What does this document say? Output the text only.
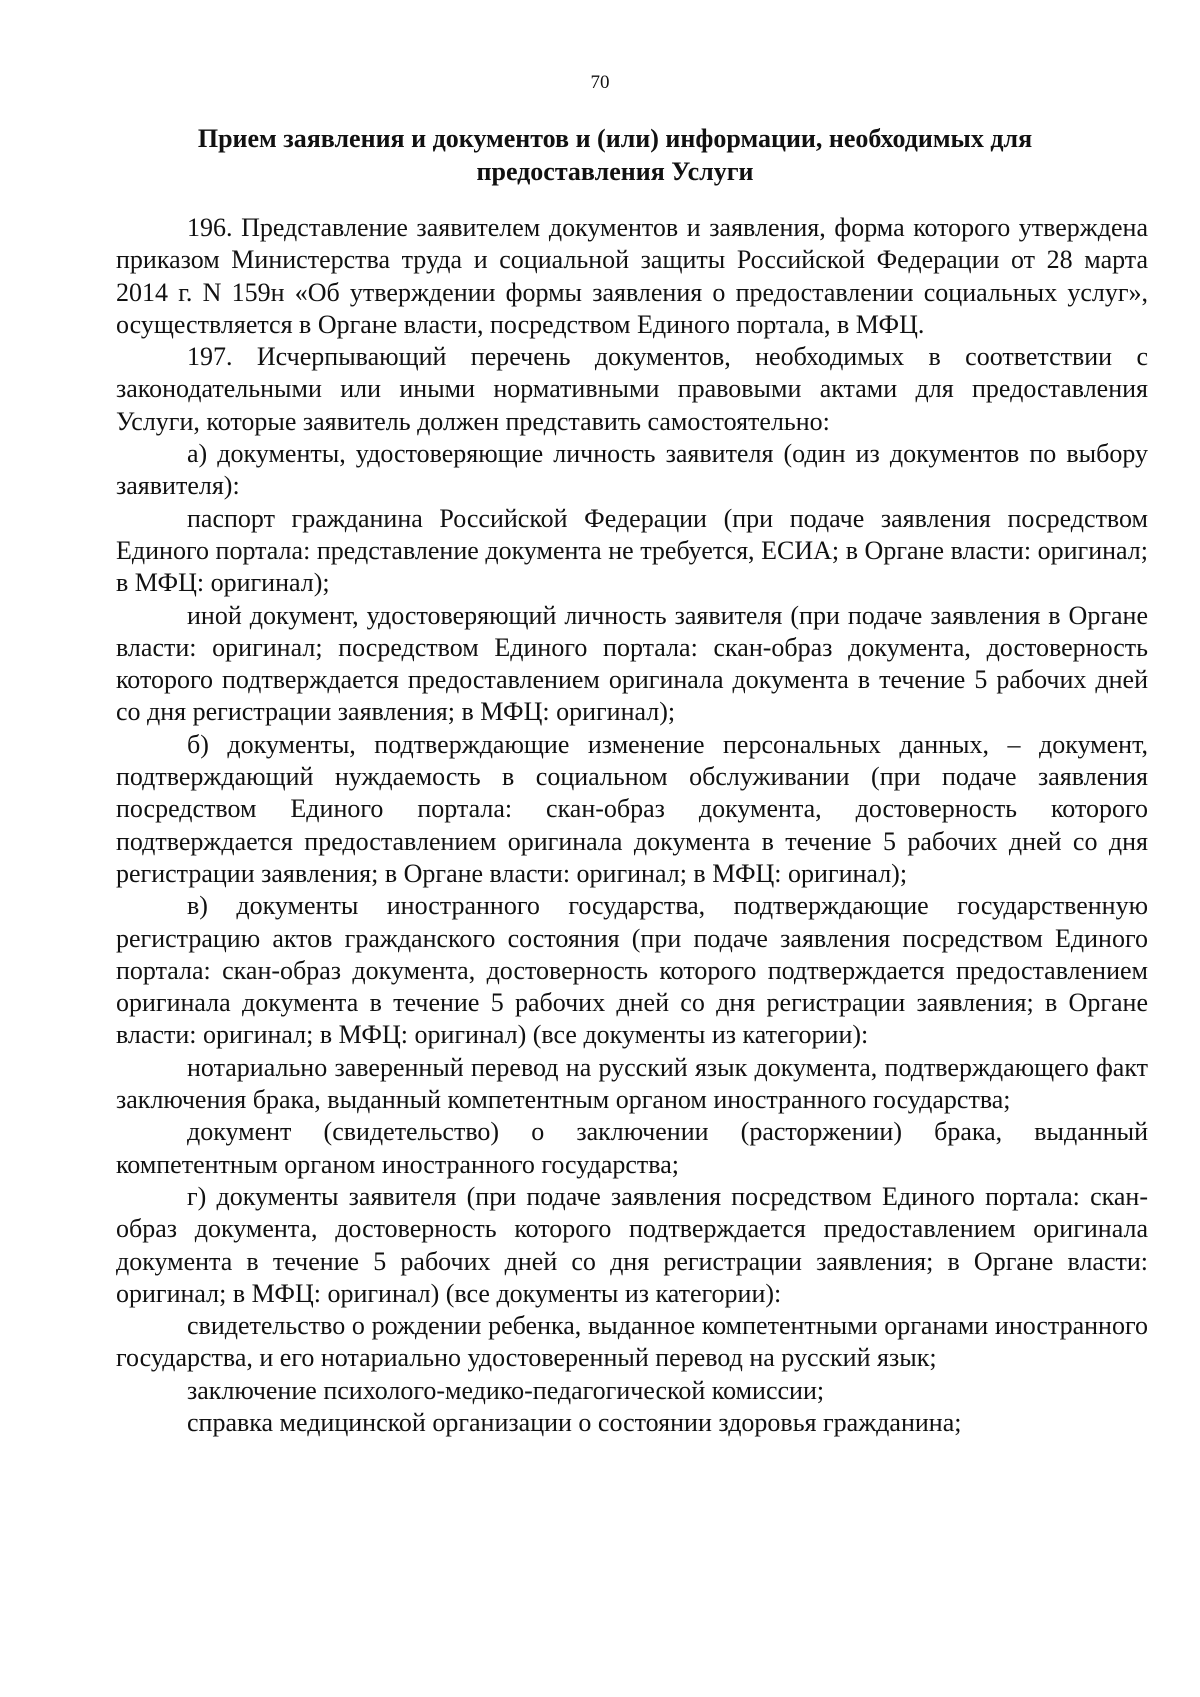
70
Прием заявления и документов и (или) информации, необходимых для предоставления Услуги

196. Представление заявителем документов и заявления, форма которого утверждена приказом Министерства труда и социальной защиты Российской Федерации от 28 марта 2014 г. N 159н «Об утверждении формы заявления о предоставлении социальных услуг», осуществляется в Органе власти, посредством Единого портала, в МФЦ.

197. Исчерпывающий перечень документов, необходимых в соответствии с законодательными или иными нормативными правовыми актами для предоставления Услуги, которые заявитель должен представить самостоятельно:

а) документы, удостоверяющие личность заявителя (один из документов по выбору заявителя):

паспорт гражданина Российской Федерации (при подаче заявления посредством Единого портала: представление документа не требуется, ЕСИА; в Органе власти: оригинал; в МФЦ: оригинал);

иной документ, удостоверяющий личность заявителя (при подаче заявления в Органе власти: оригинал; посредством Единого портала: скан-образ документа, достоверность которого подтверждается предоставлением оригинала документа в течение 5 рабочих дней со дня регистрации заявления; в МФЦ: оригинал);

б) документы, подтверждающие изменение персональных данных, – документ, подтверждающий нуждаемость в социальном обслуживании (при подаче заявления посредством Единого портала: скан-образ документа, достоверность которого подтверждается предоставлением оригинала документа в течение 5 рабочих дней со дня регистрации заявления; в Органе власти: оригинал; в МФЦ: оригинал);

в) документы иностранного государства, подтверждающие государственную регистрацию актов гражданского состояния (при подаче заявления посредством Единого портала: скан-образ документа, достоверность которого подтверждается предоставлением оригинала документа в течение 5 рабочих дней со дня регистрации заявления; в Органе власти: оригинал; в МФЦ: оригинал) (все документы из категории):

нотариально заверенный перевод на русский язык документа, подтверждающего факт заключения брака, выданный компетентным органом иностранного государства;

документ (свидетельство) о заключении (расторжении) брака, выданный компетентным органом иностранного государства;

г) документы заявителя (при подаче заявления посредством Единого портала: скан-образ документа, достоверность которого подтверждается предоставлением оригинала документа в течение 5 рабочих дней со дня регистрации заявления; в Органе власти: оригинал; в МФЦ: оригинал) (все документы из категории):

свидетельство о рождении ребенка, выданное компетентными органами иностранного государства, и его нотариально удостоверенный перевод на русский язык;

заключение психолого-медико-педагогической комиссии;

справка медицинской организации о состоянии здоровья гражданина;
